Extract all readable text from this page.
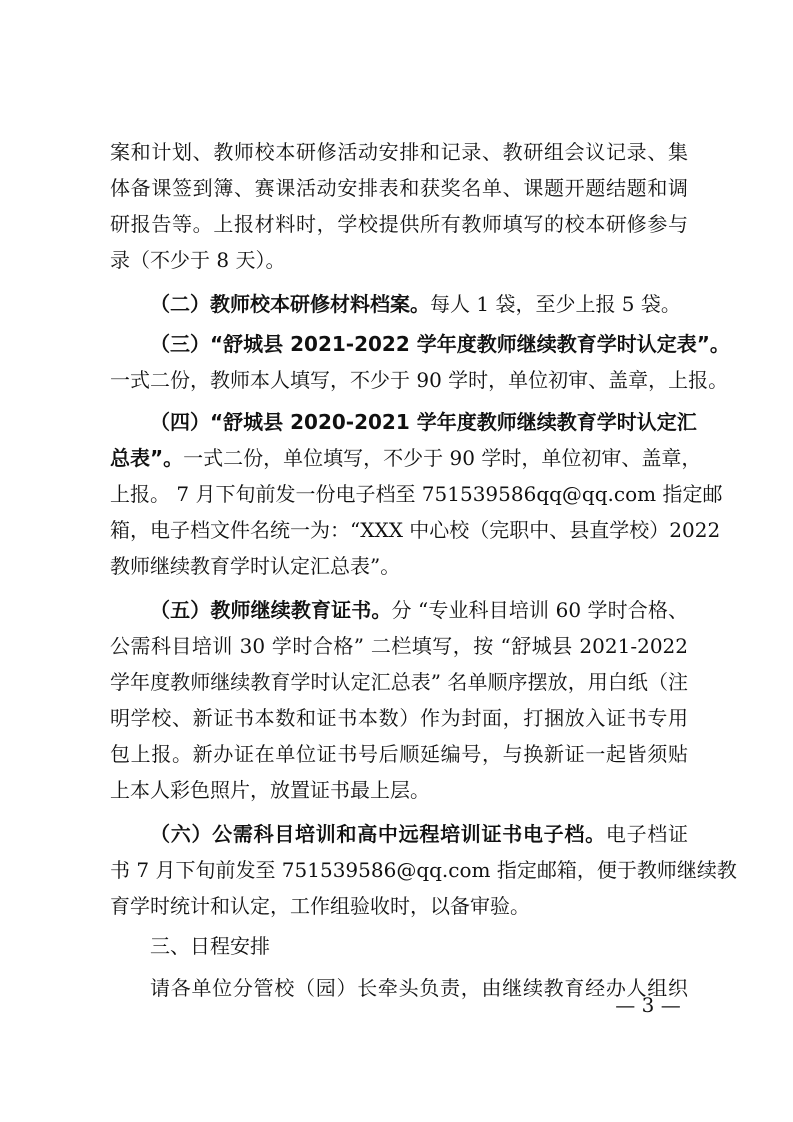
案和计划、教师校本研修活动安排和记录、教研组会议记录、集
体备课签到簿、赛课活动安排表和获奖名单、课题开题结题和调
研报告等。上报材料时，学校提供所有教师填写的校本研修参与
录（不少于 8 天）。
（二）教师校本研修材料档案。每人 1 袋，至少上报 5 袋。
（三）“舒城县 2021-2022 学年度教师继续教育学时认定表”。
一式二份，教师本人填写，不少于 90 学时，单位初审、盖章，上报。
（四）“舒城县 2020-2021 学年度教师继续教育学时认定汇
总表”。一式二份，单位填写，不少于 90 学时，单位初审、盖章，
上报。 7 月下旬前发一份电子档至 751539586qq@qq.com 指定邮
箱，电子档文件名统一为：“XXX 中心校（完职中、县直学校）2022
教师继续教育学时认定汇总表”。
（五）教师继续教育证书。分 “专业科目培训 60 学时合格、
公需科目培训 30 学时合格” 二栏填写，按 “舒城县 2021-2022
学年度教师继续教育学时认定汇总表” 名单顺序摆放，用白纸（注
明学校、新证书本数和证书本数）作为封面，打捆放入证书专用
包上报。新办证在单位证书号后顺延编号，与换新证一起皆须贴
上本人彩色照片，放置证书最上层。
（六）公需科目培训和高中远程培训证书电子档。电子档证
书 7 月下旬前发至 751539586@qq.com 指定邮箱，便于教师继续教
育学时统计和认定，工作组验收时，以备审验。
三、日程安排
请各单位分管校（园）长牵头负责，由继续教育经办人组织
— 3 —
